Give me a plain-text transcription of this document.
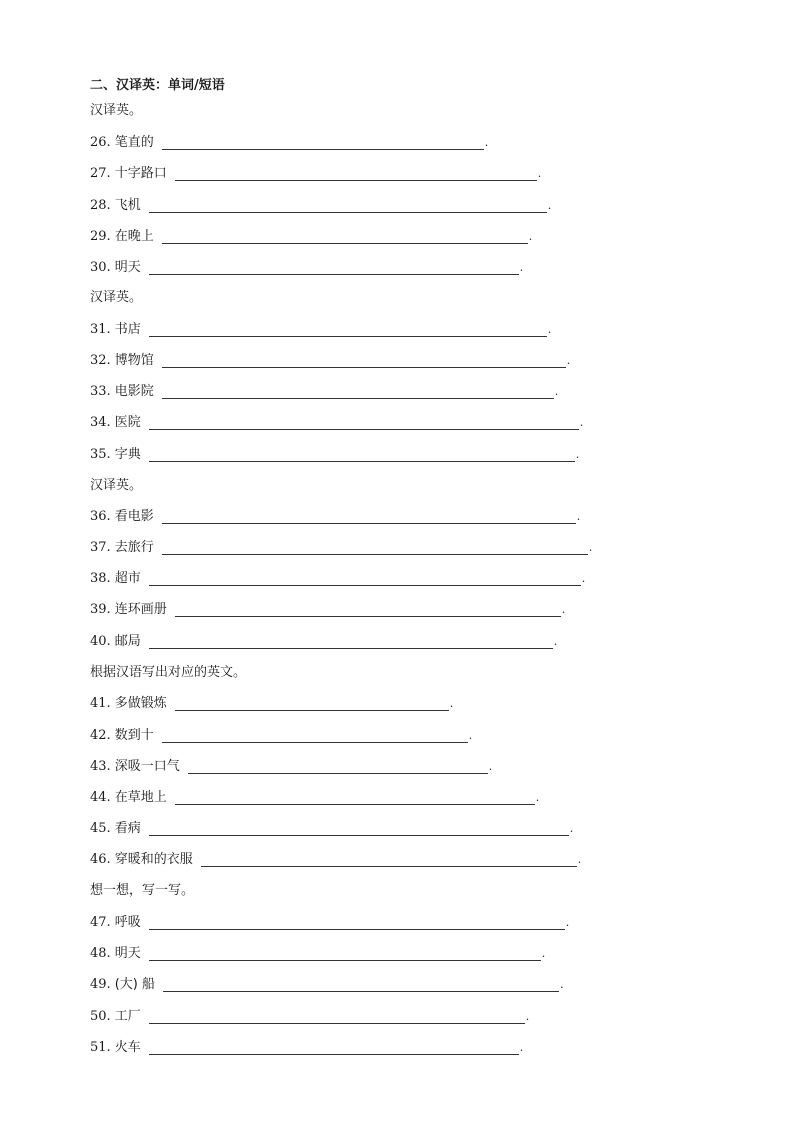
二、汉译英：单词/短语
汉译英。
26. 笔直的	.
27. 十字路口	.
28. 飞机	.
29. 在晚上	.
30. 明天	.
汉译英。
31. 书店	.
32. 博物馆	.
33. 电影院	.
34. 医院	.
35. 字典	.
汉译英。
36. 看电影	.
37. 去旅行	.
38. 超市	.
39. 连环画册	.
40. 邮局	.
根据汉语写出对应的英文。
41. 多做锻炼	.
42. 数到十	.
43. 深吸一口气	.
44. 在草地上	.
45. 看病	.
46. 穿暖和的衣服	.
想一想，写一写。
47. 呼吸	.
48. 明天	.
49. (大) 船	.
50. 工厂	.
51. 火车	.
